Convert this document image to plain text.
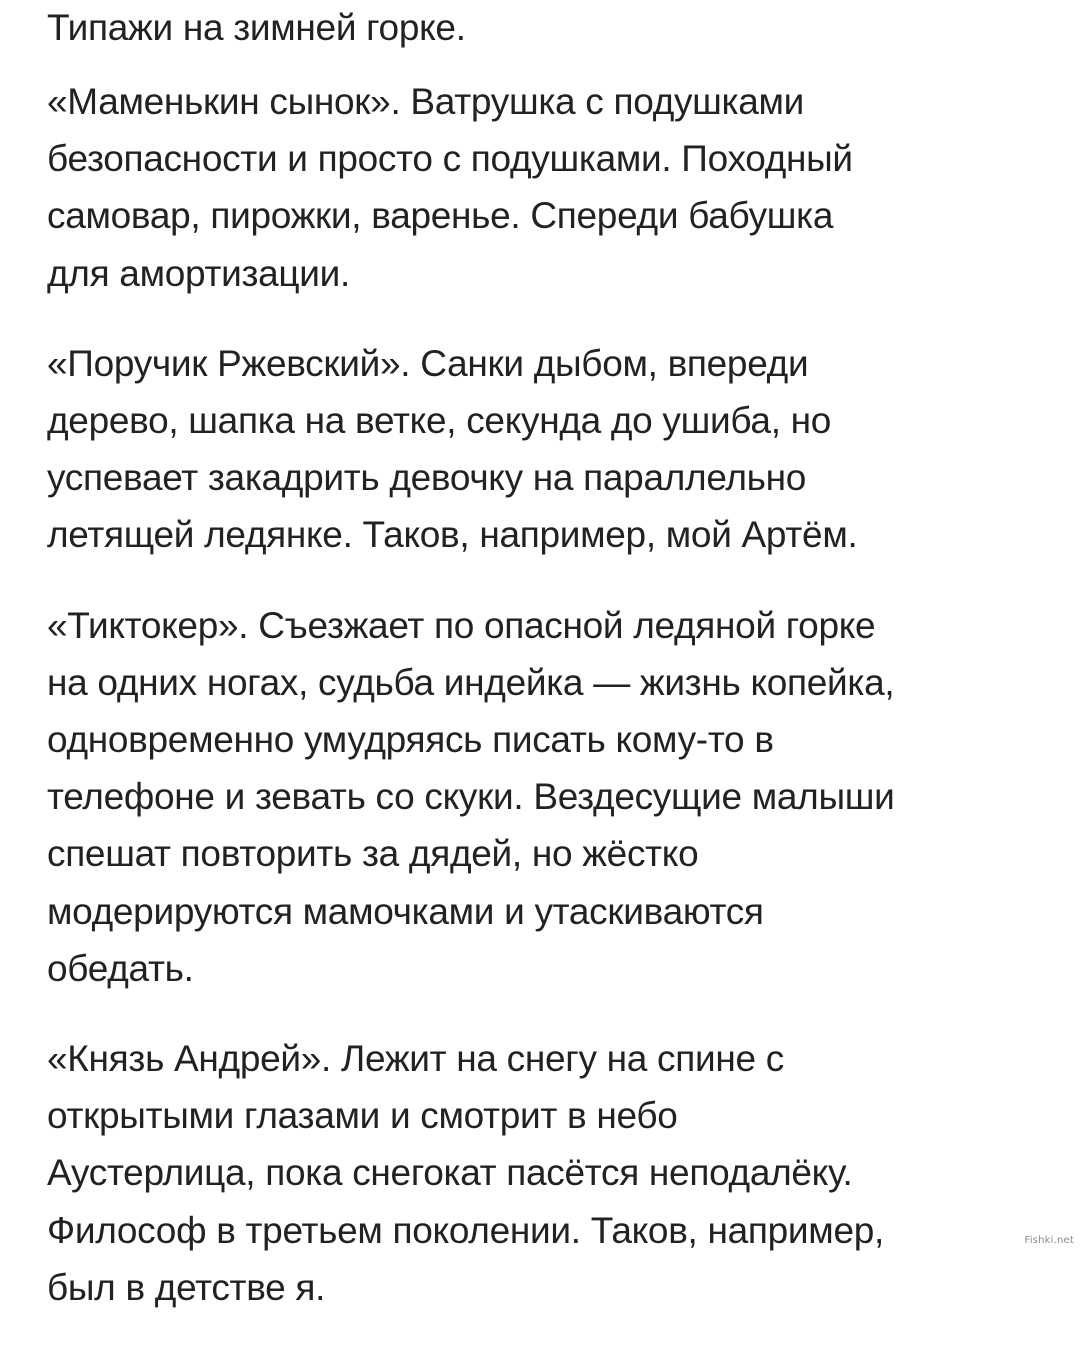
Типажи на зимней горке.
«Маменькин сынок». Ватрушка с подушками
безопасности и просто с подушками. Походный
самовар, пирожки, варенье. Спереди бабушка
для амортизации.
«Поручик Ржевский». Санки дыбом, впереди
дерево, шапка на ветке, секунда до ушиба, но
успевает закадрить девочку на параллельно
летящей ледянке. Таков, например, мой Артём.
«Тиктокер». Съезжает по опасной ледяной горке
на одних ногах, судьба индейка — жизнь копейка,
одновременно умудряясь писать кому-то в
телефоне и зевать со скуки. Вездесущие малыши
спешат повторить за дядей, но жёстко
модерируются мамочками и утаскиваются
обедать.
«Князь Андрей». Лежит на снегу на спине с
открытыми глазами и смотрит в небо
Аустерлица, пока снегокат пасётся неподалёку.
Философ в третьем поколении. Таков, например,
был в детстве я.
Fishki.net
